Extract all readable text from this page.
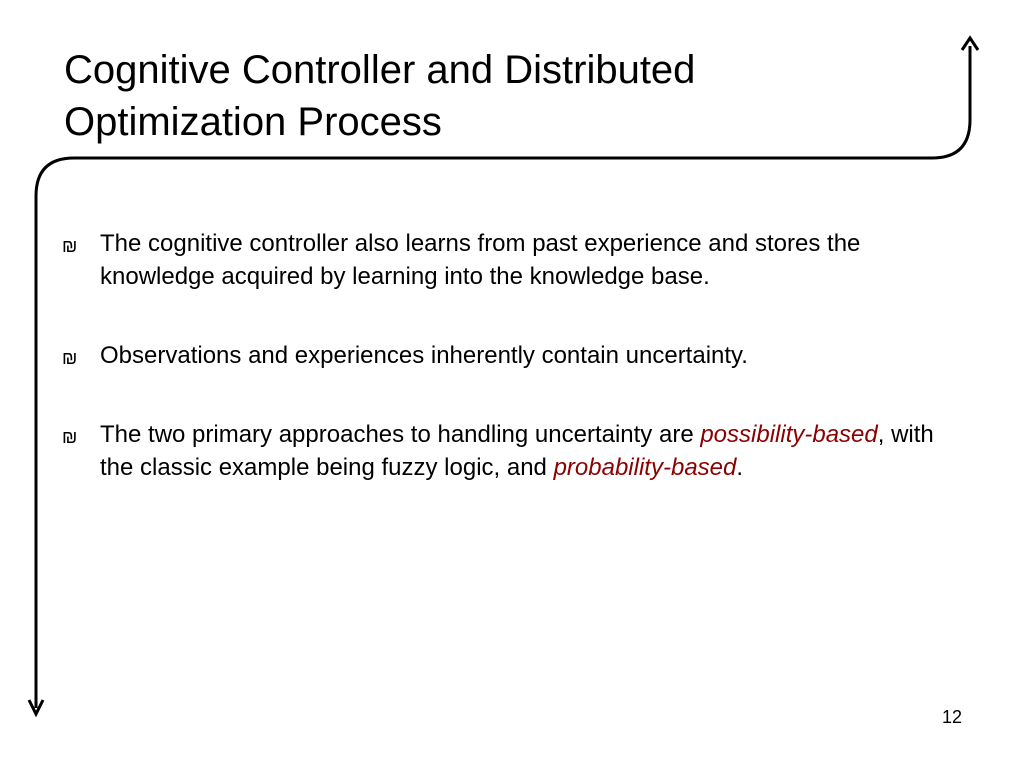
Cognitive Controller and Distributed
Optimization Process
₪ The cognitive controller also learns from past experience and stores the knowledge acquired by learning into the knowledge base.
₪ Observations and experiences inherently contain uncertainty.
₪ The two primary approaches to handling uncertainty are possibility-based, with the classic example being fuzzy logic, and probability-based.
12
